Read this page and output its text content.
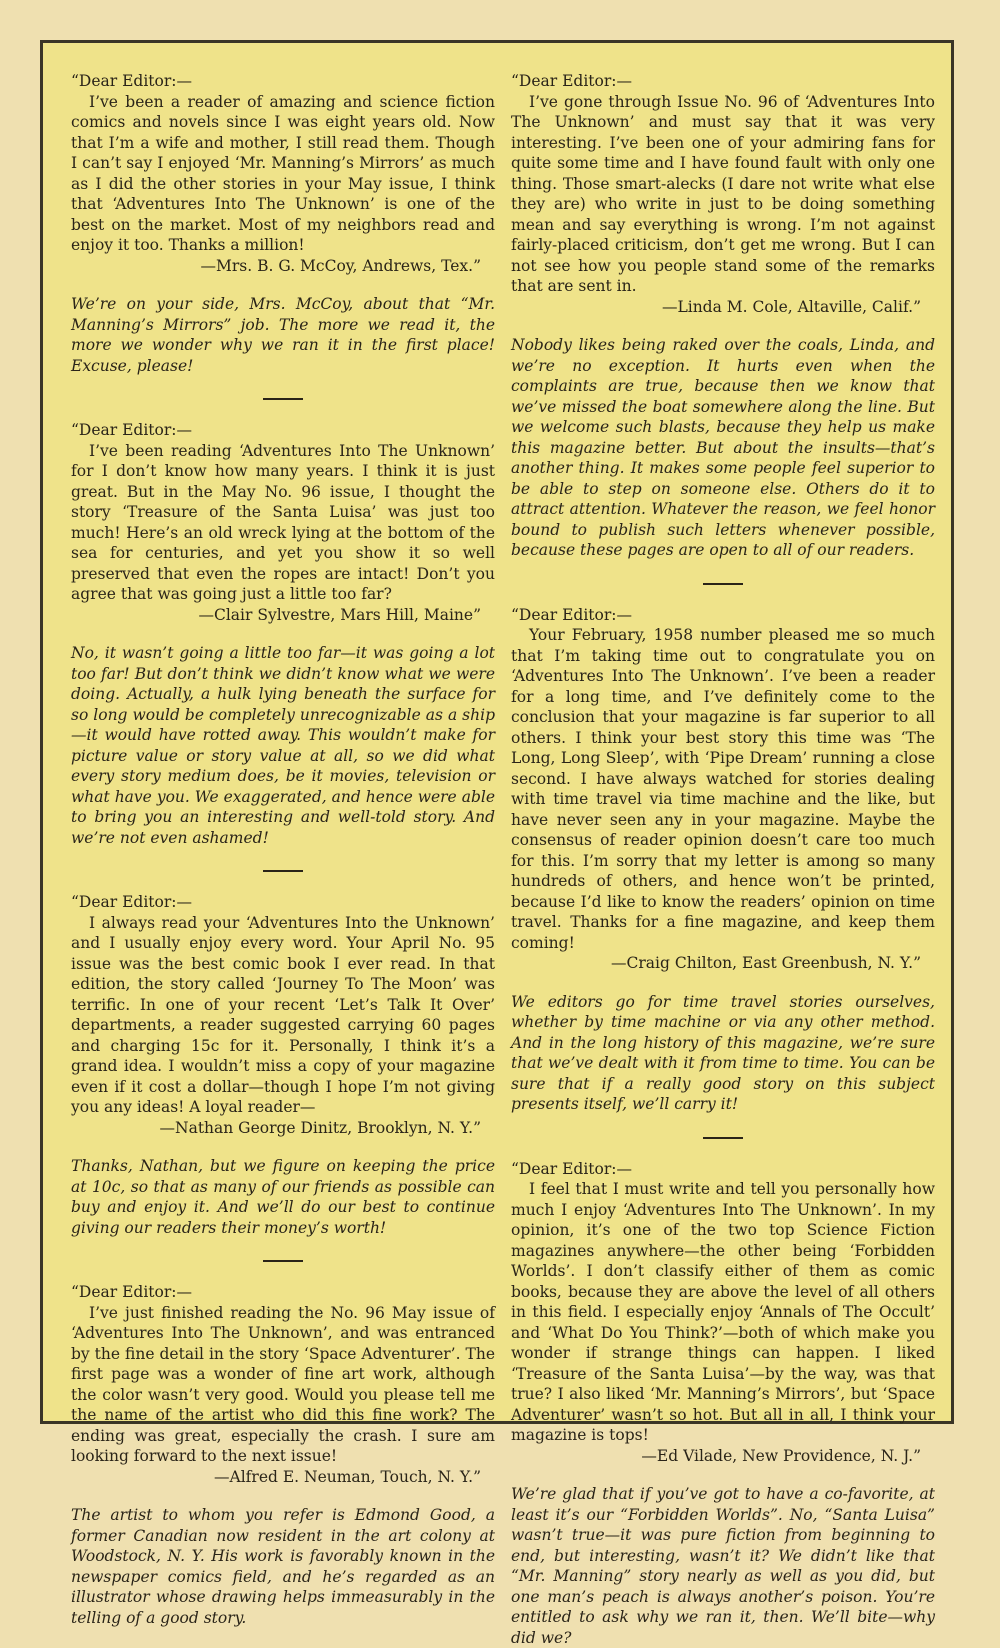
“Dear Editor:—

I’ve been a reader of amazing and science fiction comics and novels since I was eight years old. Now that I’m a wife and mother, I still read them. Though I can’t say I enjoyed ‘Mr. Manning’s Mirrors’ as much as I did the other stories in your May issue, I think that ‘Adventures Into The Unknown’ is one of the best on the market. Most of my neighbors read and enjoy it too. Thanks a million!

—Mrs. B. G. McCoy, Andrews, Tex.”

We’re on your side, Mrs. McCoy, about that “Mr. Manning’s Mirrors” job. The more we read it, the more we wonder why we ran it in the first place! Excuse, please!

“Dear Editor:—

I’ve been reading ‘Adventures Into The Unknown’ for I don’t know how many years. I think it is just great. But in the May No. 96 issue, I thought the story ‘Treasure of the Santa Luisa’ was just too much! Here’s an old wreck lying at the bottom of the sea for centuries, and yet you show it so well preserved that even the ropes are intact! Don’t you agree that was going just a little too far?

—Clair Sylvestre, Mars Hill, Maine”

No, it wasn’t going a little too far—it was going a lot too far! But don’t think we didn’t know what we were doing. Actually, a hulk lying beneath the surface for so long would be completely unrecognizable as a ship—it would have rotted away. This wouldn’t make for picture value or story value at all, so we did what every story medium does, be it movies, television or what have you. We exaggerated, and hence were able to bring you an interesting and well-told story. And we’re not even ashamed!

“Dear Editor:—

I always read your ‘Adventures Into the Unknown’ and I usually enjoy every word. Your April No. 95 issue was the best comic book I ever read. In that edition, the story called ‘Journey To The Moon’ was terrific. In one of your recent ‘Let’s Talk It Over’ departments, a reader suggested carrying 60 pages and charging 15c for it. Personally, I think it’s a grand idea. I wouldn’t miss a copy of your magazine even if it cost a dollar—though I hope I’m not giving you any ideas! A loyal reader—

—Nathan George Dinitz, Brooklyn, N. Y.”

Thanks, Nathan, but we figure on keeping the price at 10c, so that as many of our friends as possible can buy and enjoy it. And we’ll do our best to continue giving our readers their money’s worth!

“Dear Editor:—

I’ve just finished reading the No. 96 May issue of ‘Adventures Into The Unknown’, and was entranced by the fine detail in the story ‘Space Adventurer’. The first page was a wonder of fine art work, although the color wasn’t very good. Would you please tell me the name of the artist who did this fine work? The ending was great, especially the crash. I sure am looking forward to the next issue!

—Alfred E. Neuman, Touch, N. Y.”

The artist to whom you refer is Edmond Good, a former Canadian now resident in the art colony at Woodstock, N. Y. His work is favorably known in the newspaper comics field, and he’s regarded as an illustrator whose drawing helps immeasurably in the telling of a good story.

“Dear Editor:—

I’ve gone through Issue No. 96 of ‘Adventures Into The Unknown’ and must say that it was very interesting. I’ve been one of your admiring fans for quite some time and I have found fault with only one thing. Those smart-alecks (I dare not write what else they are) who write in just to be doing something mean and say everything is wrong. I’m not against fairly-placed criticism, don’t get me wrong. But I can not see how you people stand some of the remarks that are sent in.

—Linda M. Cole, Altaville, Calif.”

Nobody likes being raked over the coals, Linda, and we’re no exception. It hurts even when the complaints are true, because then we know that we’ve missed the boat somewhere along the line. But we welcome such blasts, because they help us make this magazine better. But about the insults—that’s another thing. It makes some people feel superior to be able to step on someone else. Others do it to attract attention. Whatever the reason, we feel honor bound to publish such letters whenever possible, because these pages are open to all of our readers.

“Dear Editor:—

Your February, 1958 number pleased me so much that I’m taking time out to congratulate you on ‘Adventures Into The Unknown’. I’ve been a reader for a long time, and I’ve definitely come to the conclusion that your magazine is far superior to all others. I think your best story this time was ‘The Long, Long Sleep’, with ‘Pipe Dream’ running a close second. I have always watched for stories dealing with time travel via time machine and the like, but have never seen any in your magazine. Maybe the consensus of reader opinion doesn’t care too much for this. I’m sorry that my letter is among so many hundreds of others, and hence won’t be printed, because I’d like to know the readers’ opinion on time travel. Thanks for a fine magazine, and keep them coming!

—Craig Chilton, East Greenbush, N. Y.”

We editors go for time travel stories ourselves, whether by time machine or via any other method. And in the long history of this magazine, we’re sure that we’ve dealt with it from time to time. You can be sure that if a really good story on this subject presents itself, we’ll carry it!

“Dear Editor:—

I feel that I must write and tell you personally how much I enjoy ‘Adventures Into The Unknown’. In my opinion, it’s one of the two top Science Fiction magazines anywhere—the other being ‘Forbidden Worlds’. I don’t classify either of them as comic books, because they are above the level of all others in this field. I especially enjoy ‘Annals of The Occult’ and ‘What Do You Think?’—both of which make you wonder if strange things can happen. I liked ‘Treasure of the Santa Luisa’—by the way, was that true? I also liked ‘Mr. Manning’s Mirrors’, but ‘Space Adventurer’ wasn’t so hot. But all in all, I think your magazine is tops!

—Ed Vilade, New Providence, N. J.”

We’re glad that if you’ve got to have a co-favorite, at least it’s our “Forbidden Worlds”. No, “Santa Luisa” wasn’t true—it was pure fiction from beginning to end, but interesting, wasn’t it? We didn’t like that “Mr. Manning” story nearly as well as you did, but one man’s peach is always another’s poison. You’re entitled to ask why we ran it, then. We’ll bite—why did we?
